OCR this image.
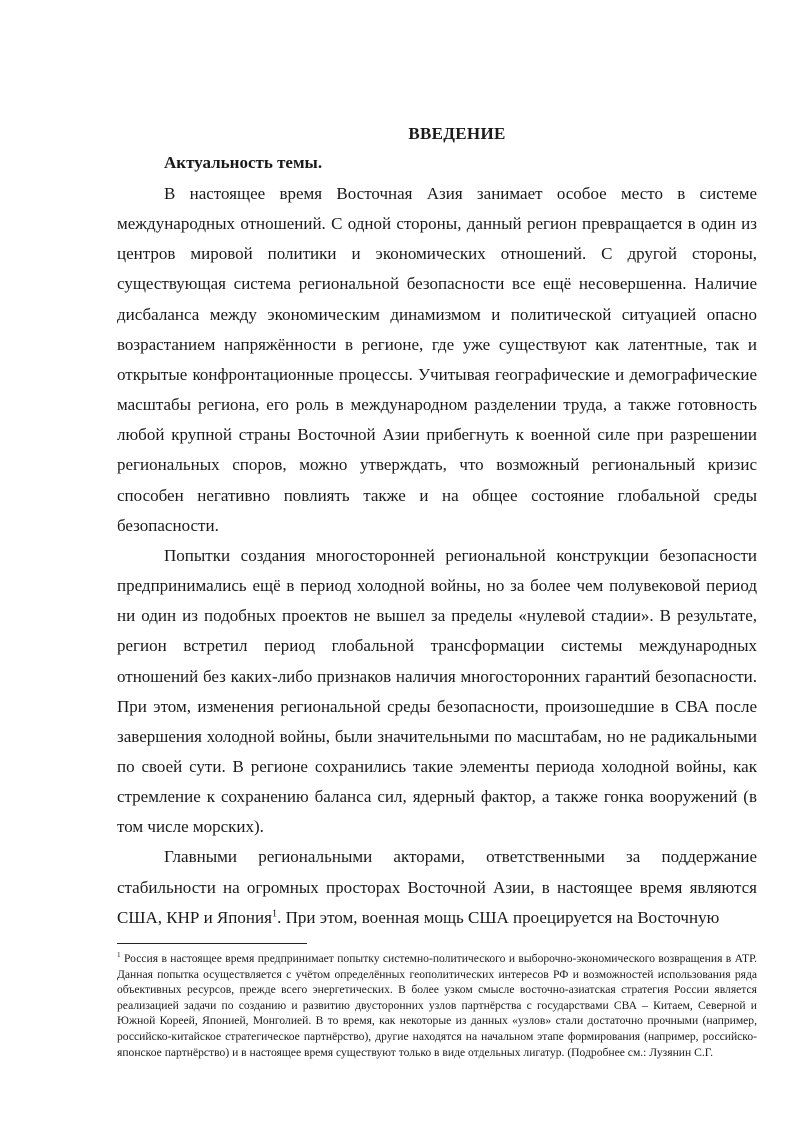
ВВЕДЕНИЕ
Актуальность темы.

В настоящее время Восточная Азия занимает особое место в системе международных отношений. С одной стороны, данный регион превращается в один из центров мировой политики и экономических отношений. С другой стороны, существующая система региональной безопасности все ещё несовершенна. Наличие дисбаланса между экономическим динамизмом и политической ситуацией опасно возрастанием напряжённости в регионе, где уже существуют как латентные, так и открытые конфронтационные процессы. Учитывая географические и демографические масштабы региона, его роль в международном разделении труда, а также готовность любой крупной страны Восточной Азии прибегнуть к военной силе при разрешении региональных споров, можно утверждать, что возможный региональный кризис способен негативно повлиять также и на общее состояние глобальной среды безопасности.

Попытки создания многосторонней региональной конструкции безопасности предпринимались ещё в период холодной войны, но за более чем полувековой период ни один из подобных проектов не вышел за пределы «нулевой стадии». В результате, регион встретил период глобальной трансформации системы международных отношений без каких-либо признаков наличия многосторонних гарантий безопасности. При этом, изменения региональной среды безопасности, произошедшие в СВА после завершения холодной войны, были значительными по масштабам, но не радикальными по своей сути. В регионе сохранились такие элементы периода холодной войны, как стремление к сохранению баланса сил, ядерный фактор, а также гонка вооружений (в том числе морских).

Главными региональными акторами, ответственными за поддержание стабильности на огромных просторах Восточной Азии, в настоящее время являются США, КНР и Япония$^1$. При этом, военная мощь США проецируется на Восточную

$^1$ Россия в настоящее время предпринимает попытку системно-политического и выборочно-экономического возвращения в АТР. Данная попытка осуществляется с учётом определённых геополитических интересов РФ и возможностей использования ряда объективных ресурсов, прежде всего энергетических. В более узком смысле восточно-азиатская стратегия России является реализацией задачи по созданию и развитию двусторонних узлов партнёрства с государствами СВА – Китаем, Северной и Южной Кореей, Японией, Монголией. В то время, как некоторые из данных «узлов» стали достаточно прочными (например, российско-китайское стратегическое партнёрство), другие находятся на начальном этапе формирования (например, российско-японское партнёрство) и в настоящее время существуют только в виде отдельных лигатур. (Подробнее см.: Лузянин С.Г.
